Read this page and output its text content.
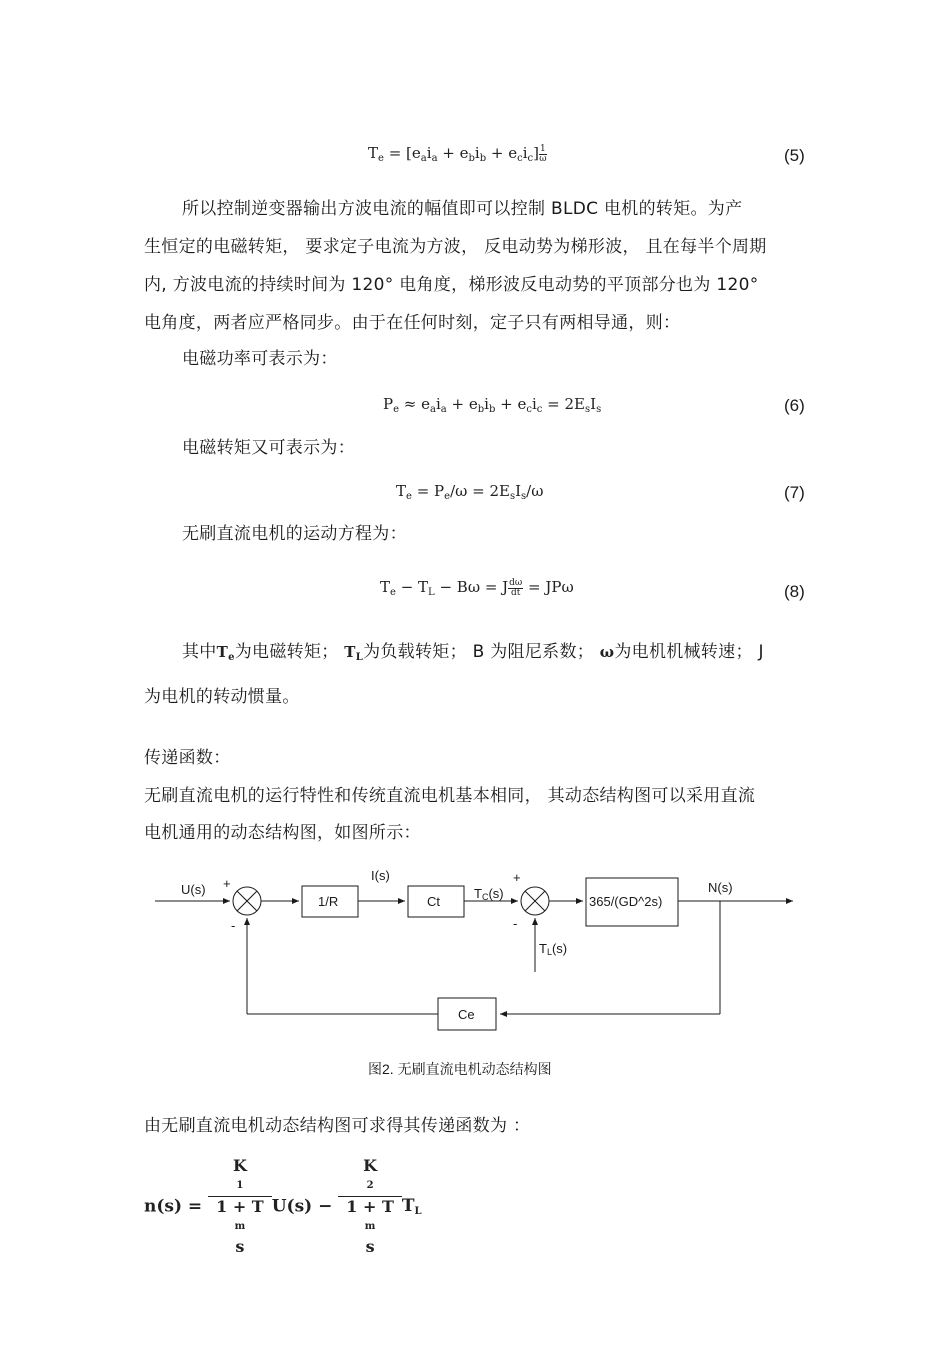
$T_e = [e_ai_a + e_bi_b + e_ci_c] \frac{1}{\omega}$	(5)
所以控制逆变器输出方波电流的幅值即可以控制 BLDC 电机的转矩。为产
生恒定的电磁转矩， 要求定子电流为方波， 反电动势为梯形波， 且在每半个周期
内, 方波电流的持续时间为 120° 电角度，梯形波反电动势的平顶部分也为 120°
电角度，两者应严格同步。由于在任何时刻，定子只有两相导通，则：
电磁功率可表示为：
$P_e \approx e_ai_a + e_bi_b + e_ci_c = 2E_sI_s$	(6)
电磁转矩又可表示为：
$T_e = P_e/\omega = 2E_sI_s/\omega$	(7)
无刷直流电机的运动方程为：
$T_e - T_L - B\omega = J \frac{d\omega}{dt} = JP\omega$	(8)
其中$T_e$为电磁转矩； $T_L$为负载转矩； B 为阻尼系数； ω为电机机械转速； J
为电机的转动惯量。
传递函数：
无刷直流电机的运行特性和传统直流电机基本相同， 其动态结构图可以采用直流
电机通用的动态结构图，如图所示：
U(s) +
-
1/R
I(s)
Ct
TC(s)
+
-
365/(GD^2s)
N(s)
TL(s)
Ce
图2. 无刷直流电机动态结构图
由无刷直流电机动态结构图可求得其传递函数为 ：
n(s) =
K
1
1 + T
m
s
U(s) −
K
2
1 + T
m
s
$T_L$
